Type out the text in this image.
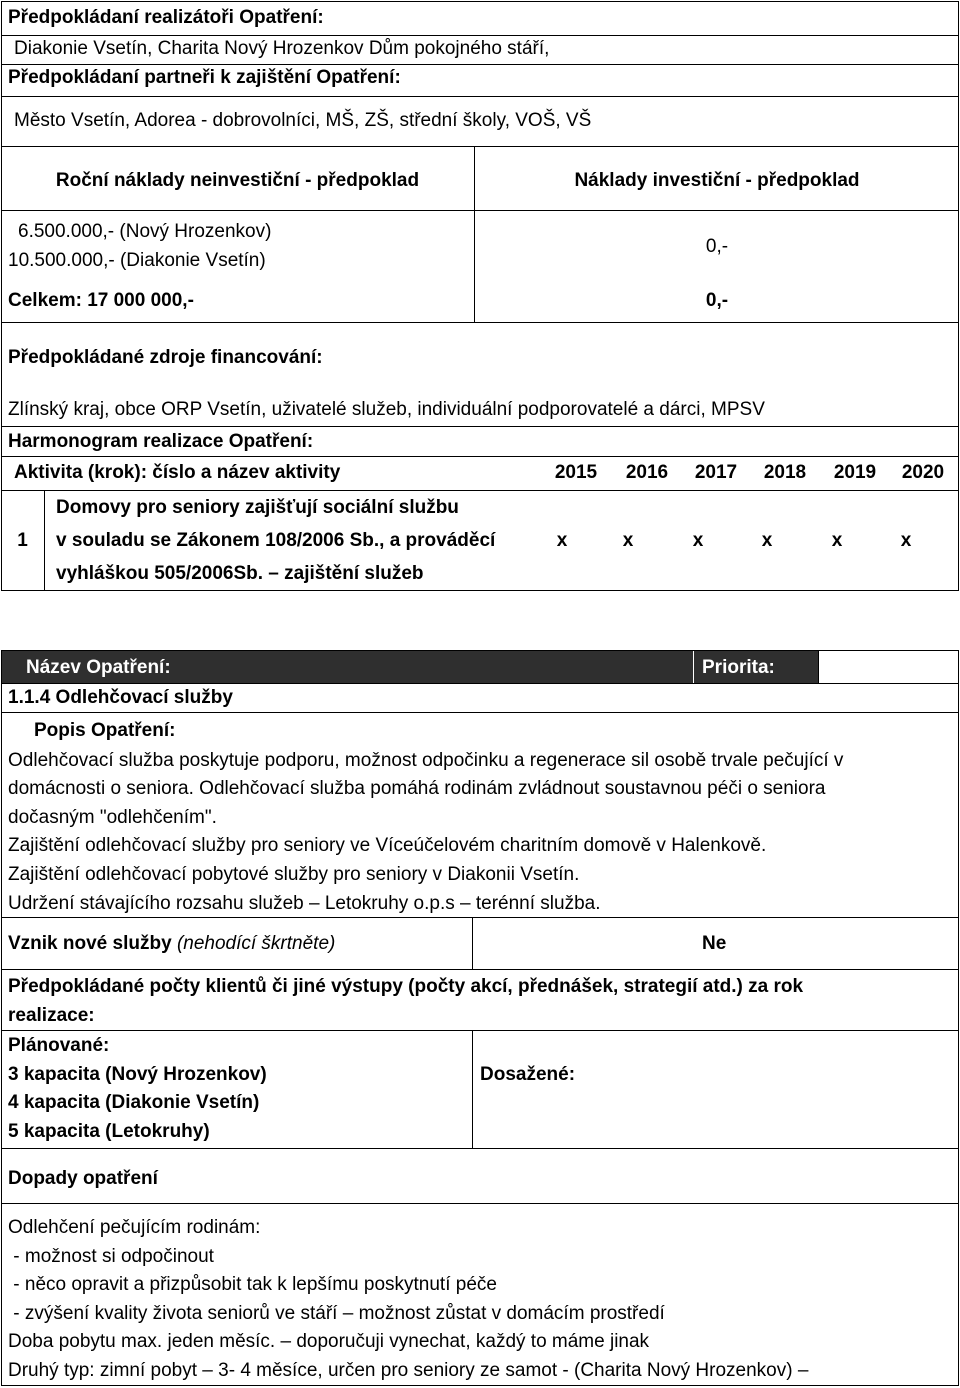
Předpokládaní realizátoři Opatření:
Diakonie Vsetín, Charita Nový Hrozenkov Dům pokojného stáří,
Předpokládaní partneři k zajištění Opatření:
Město Vsetín, Adorea - dobrovolníci, MŠ, ZŠ, střední školy, VOŠ, VŠ
Roční náklady neinvestiční - předpoklad	Náklady investiční - předpoklad
6.500.000,- (Nový Hrozenkov)
10.500.000,- (Diakonie Vsetín)
0,-
Celkem: 17 000 000,-	0,-
Předpokládané zdroje financování:
Zlínský kraj, obce ORP Vsetín, uživatelé služeb, individuální podporovatelé a dárci, MPSV
Harmonogram realizace Opatření:
Aktivita (krok): číslo a název aktivity	2015	2016	2017	2018	2019	2020
1
Domovy pro seniory zajišťují sociální službu
v souladu se Zákonem 108/2006 Sb., a prováděcí
vyhláškou 505/2006Sb. – zajištění služeb
x	x	x	x	x	x
Název Opatření:	Priorita:
1.1.4 Odlehčovací služby
Popis Opatření:
Odlehčovací služba poskytuje podporu, možnost odpočinku a regenerace sil osobě trvale pečující v
domácnosti o seniora. Odlehčovací služba pomáhá rodinám zvládnout soustavnou péči o seniora
dočasným "odlehčením".
Zajištění odlehčovací služby pro seniory ve Víceúčelovém charitním domově v Halenkově.
Zajištění odlehčovací pobytové služby pro seniory v Diakonii Vsetín.
Udržení stávajícího rozsahu služeb – Letokruhy o.p.s – terénní služba.
Vznik nové služby (nehodící škrtněte)	Ne
Předpokládané počty klientů či jiné výstupy (počty akcí, přednášek, strategií atd.) za rok
realizace:
Plánované:
3 kapacita (Nový Hrozenkov)
4 kapacita (Diakonie Vsetín)
5 kapacita (Letokruhy)
Dosažené:
Dopady opatření
Odlehčení pečujícím rodinám:
- možnost si odpočinout
- něco opravit a přizpůsobit tak k lepšímu poskytnutí péče
- zvýšení kvality života seniorů ve stáří – možnost zůstat v domácím prostředí
Doba pobytu max. jeden měsíc. – doporučuji vynechat, každý to máme jinak
Druhý typ: zimní pobyt – 3- 4 měsíce, určen pro seniory ze samot - (Charita Nový Hrozenkov) –
